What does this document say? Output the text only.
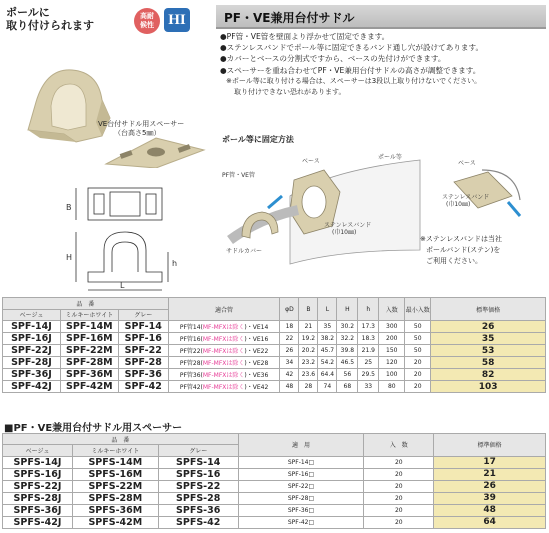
ポールに
取り付けられます
高耐
候性 HI
VE台付サドル用スペーサー
（台高さ5㎜）
B
H
h
L
PF・VE兼用台付サドル
●PF管・VE管を壁面より浮かせて固定できます。
●ステンレスバンドでポール等に固定できるバンド通し穴が設けてあります。
●カバーとベースの分割式ですから、ベースの先付けができます。
●スペーサーを重ね合わせてPF・VE兼用台付サドルの高さが調整できます。
※ポール等に取り付ける場合は、スペーサーは3段以上取り付けないでください。
取り付けできない恐れがあります。
ポール等に固定方法
ポール等
ベース
PF管・VE管
ステンレスバンド
(巾10㎜)
サドルカバー
ベース
ステンレスバンド
(巾10㎜)
※ステンレスバンドは当社
ポールバンド(ステン)を
ご利用ください。
品　番			適合管	φD	B	L	H	h	入数	最小入数	標準価格
ベージュ	ミルキーホワイト	グレー									
SPF-14J	SPF-14M	SPF-14	PF管14(MF-MFXは除く)・VE14	18	21	35	30.2	17.3	300	50	26
SPF-16J	SPF-16M	SPF-16	PF管16(MF-MFXは除く)・VE16	22	19.2	38.2	32.2	18.3	200	50	35
SPF-22J	SPF-22M	SPF-22	PF管22(MF-MFXは除く)・VE22	26	20.2	45.7	39.8	21.9	150	50	53
SPF-28J	SPF-28M	SPF-28	PF管28(MF-MFXは除く)・VE28	34	23.2	54.2	46.5	25	120	20	58
SPF-36J	SPF-36M	SPF-36	PF管36(MF-MFXは除く)・VE36	42	23.6	64.4	56	29.5	100	20	82
SPF-42J	SPF-42M	SPF-42	PF管42(MF-MFXは除く)・VE42	48	28	74	68	33	80	20	103
■PF・VE兼用台付サドル用スペーサー
品　番			適　用	入　数	標準価格
ベージュ	ミルキーホワイト	グレー			
SPFS-14J	SPFS-14M	SPFS-14	SPF-14□	20	17
SPFS-16J	SPFS-16M	SPFS-16	SPF-16□	20	21
SPFS-22J	SPFS-22M	SPFS-22	SPF-22□	20	26
SPFS-28J	SPFS-28M	SPFS-28	SPF-28□	20	39
SPFS-36J	SPFS-36M	SPFS-36	SPF-36□	20	48
SPFS-42J	SPFS-42M	SPFS-42	SPF-42□	20	64
